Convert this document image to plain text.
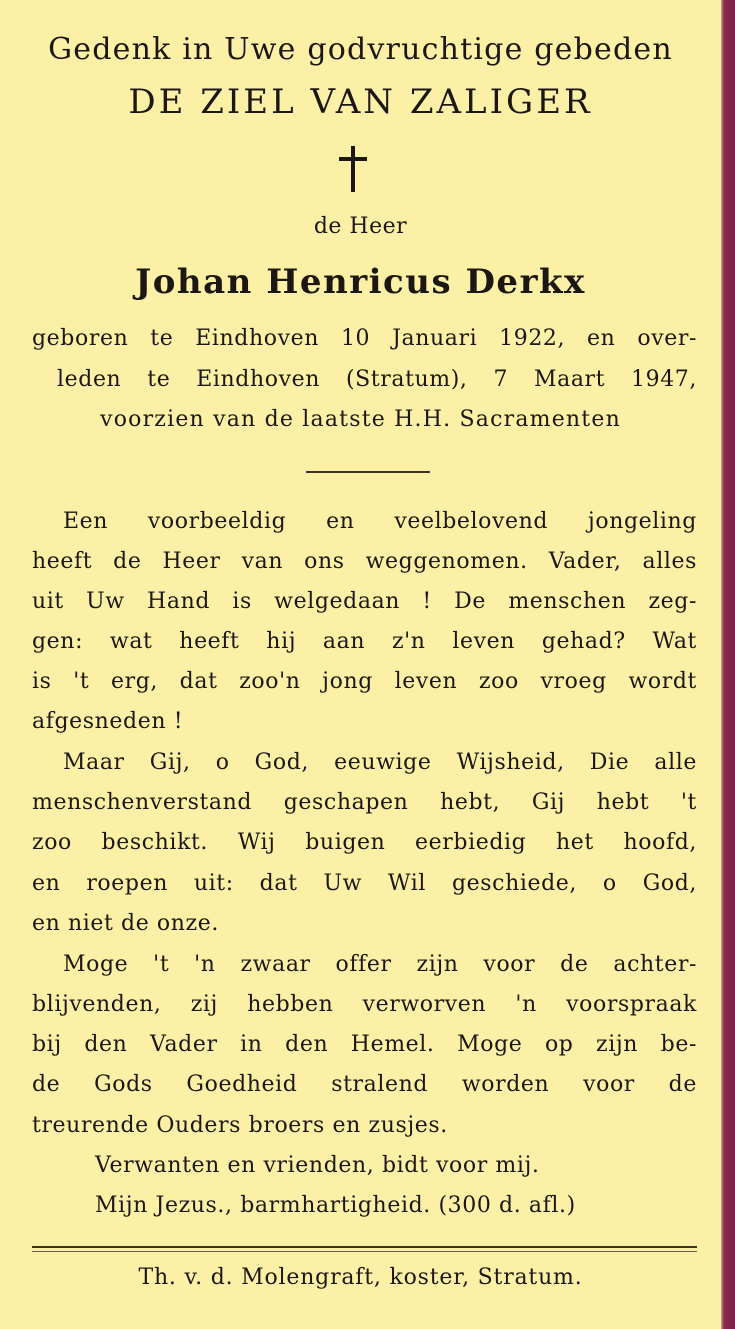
Gedenk in Uwe godvruchtige gebeden
DE ZIEL VAN ZALIGER
de Heer
Johan Henricus Derkx
geboren te Eindhoven 10 Januari 1922, en over-
leden te Eindhoven (Stratum), 7 Maart 1947,
voorzien van de laatste H.H. Sacramenten
Een voorbeeldig en veelbelovend jongeling
heeft de Heer van ons weggenomen. Vader, alles
uit Uw Hand is welgedaan ! De menschen zeg-
gen: wat heeft hij aan z'n leven gehad? Wat
is 't erg, dat zoo'n jong leven zoo vroeg wordt
afgesneden !
Maar Gij, o God, eeuwige Wijsheid, Die alle
menschenverstand geschapen hebt, Gij hebt 't
zoo beschikt. Wij buigen eerbiedig het hoofd,
en roepen uit: dat Uw Wil geschiede, o God,
en niet de onze.
Moge 't 'n zwaar offer zijn voor de achter-
blijvenden, zij hebben verworven 'n voorspraak
bij den Vader in den Hemel. Moge op zijn be-
de Gods Goedheid stralend worden voor de
treurende Ouders broers en zusjes.
Verwanten en vrienden, bidt voor mij.
Mijn Jezus., barmhartigheid. (300 d. afl.)
Th. v. d. Molengraft, koster, Stratum.
